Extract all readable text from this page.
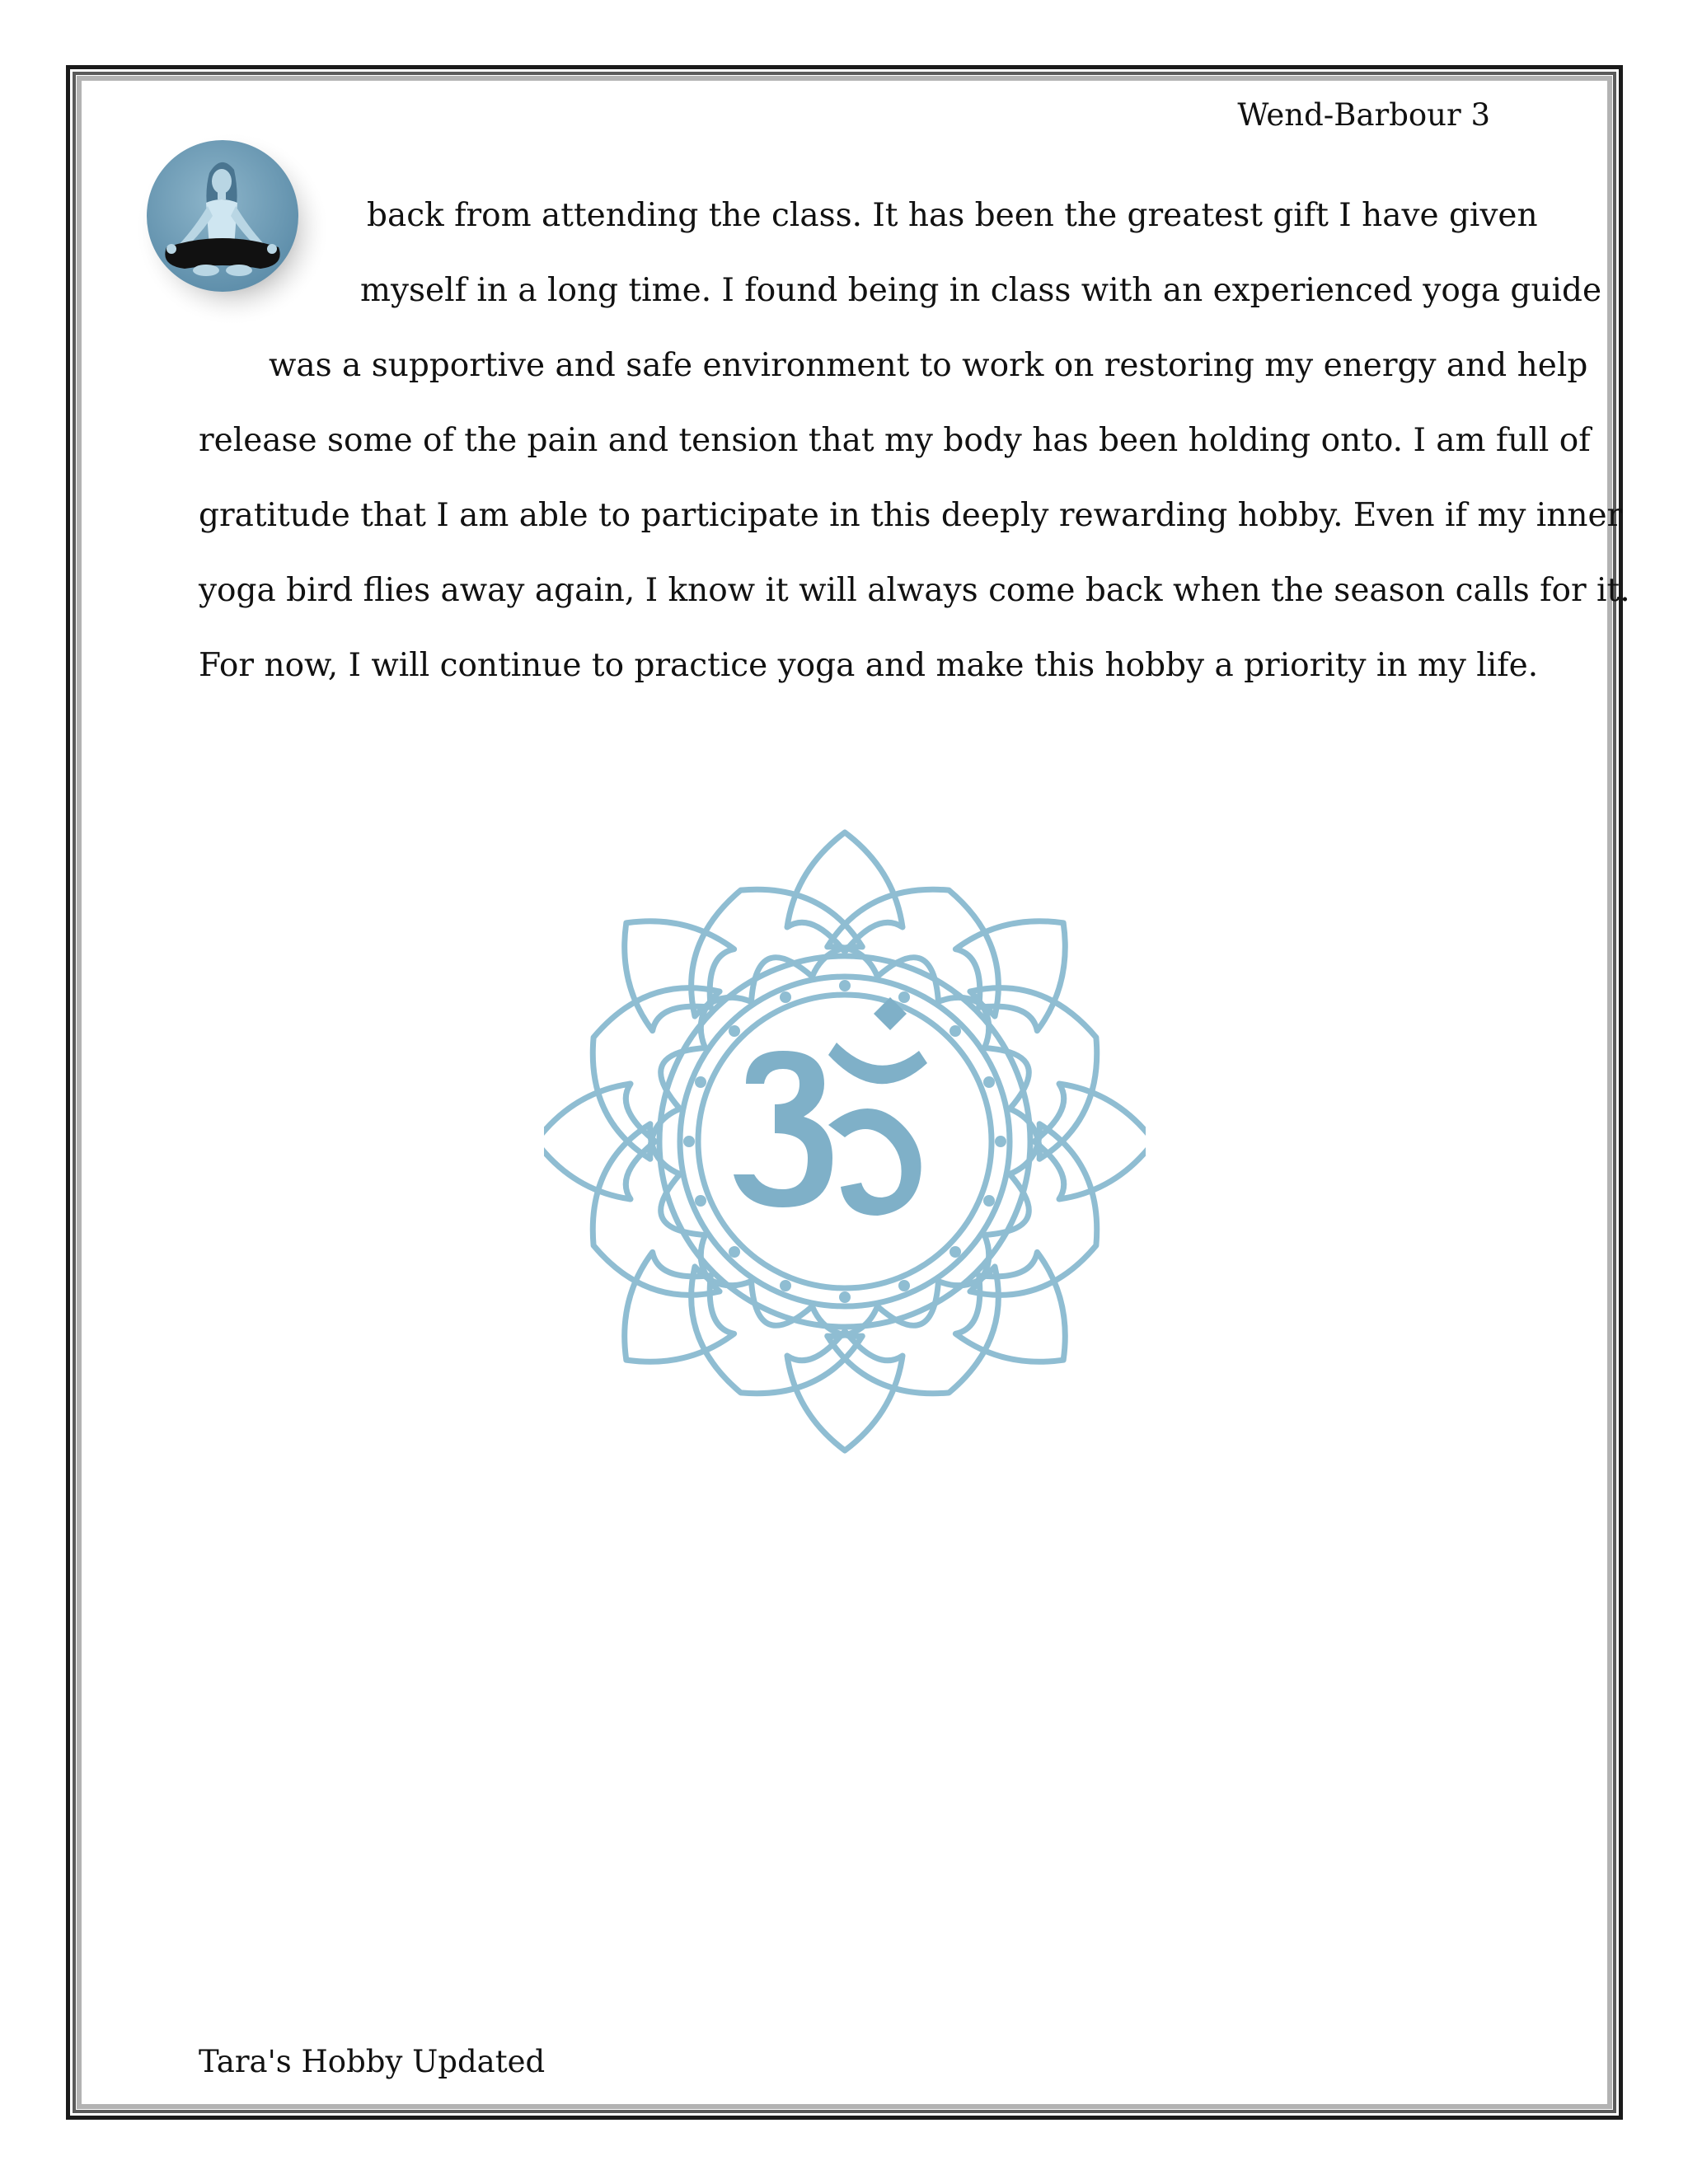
Wend-Barbour 3
back from attending the class. It has been the greatest gift I have given
myself in a long time. I found being in class with an experienced yoga guide
was a supportive and safe environment to work on restoring my energy and help
release some of the pain and tension that my body has been holding onto. I am full of
gratitude that I am able to participate in this deeply rewarding hobby. Even if my inner
yoga bird flies away again, I know it will always come back when the season calls for it.
For now, I will continue to practice yoga and make this hobby a priority in my life.
Tara's Hobby Updated
